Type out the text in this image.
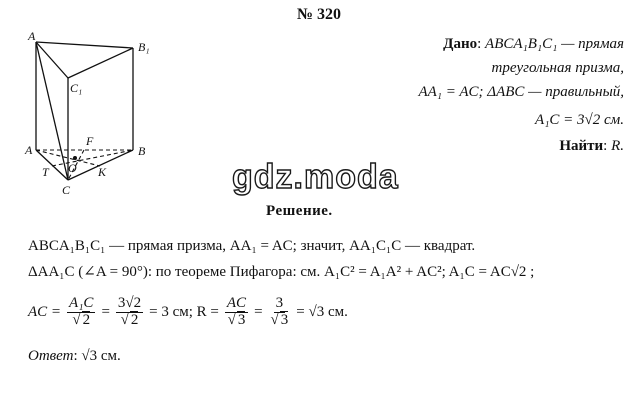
№ 320
A
B₁
C₁
F
A	B
O
T	K
C
Дано: ABCA₁B₁C₁ — прямая
треугольная призма,
AA₁ = AC; ΔABC — правильный,
A₁C = 3√2 см.
Найти: R.
gdz.moda
Решение.
ABCA₁B₁C₁ — прямая призма, AA₁ = AC; значит, AA₁C₁C — квадрат.
ΔAA₁C (∠A = 90°): по теореме Пифагора: см. A₁C² = A₁A² + AC²; A₁C = AC√2 ;
AC = $\frac{\text{A₁C}}{√ 2} = \frac{3√2}{√ 2} = 3$ см; $R = \frac{AC}{√ 3} = \frac{3}{√ 3} = √3$ см.
Ответ: √3 см.
